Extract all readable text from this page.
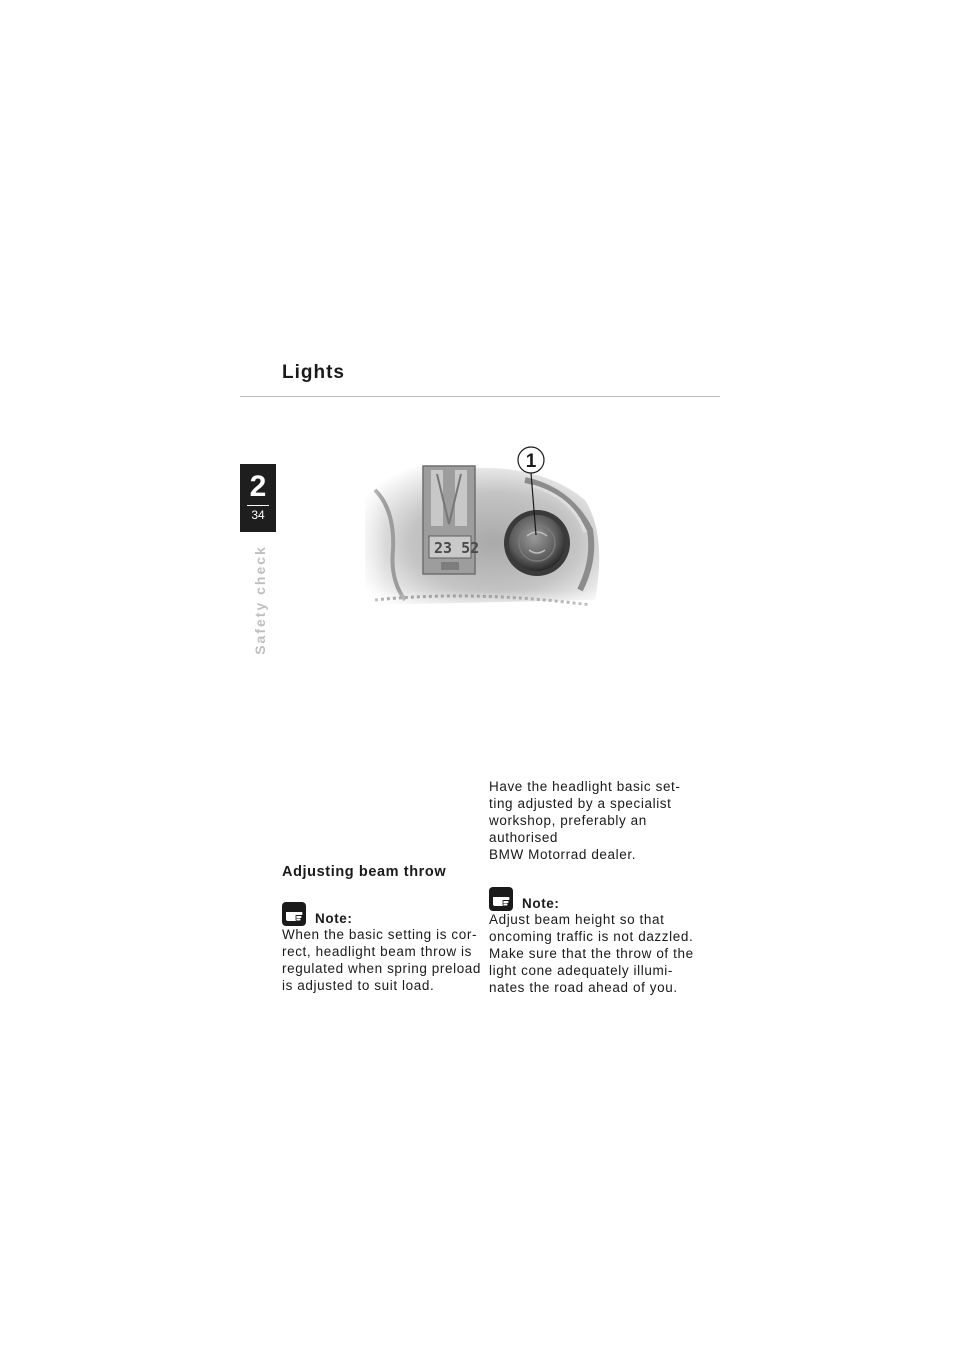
Lights
2
34
Safety check	23 52
1
Adjusting beam throw
Note:

When the basic setting is cor-
rect, headlight beam throw is
regulated when spring preload
is adjusted to suit load.

Have the headlight basic set-
ting adjusted by a specialist
workshop, preferably an
authorised
BMW Motorrad dealer.

Note:

Adjust beam height so that
oncoming traffic is not dazzled.
Make sure that the throw of the
light cone adequately illumi-
nates the road ahead of you.
